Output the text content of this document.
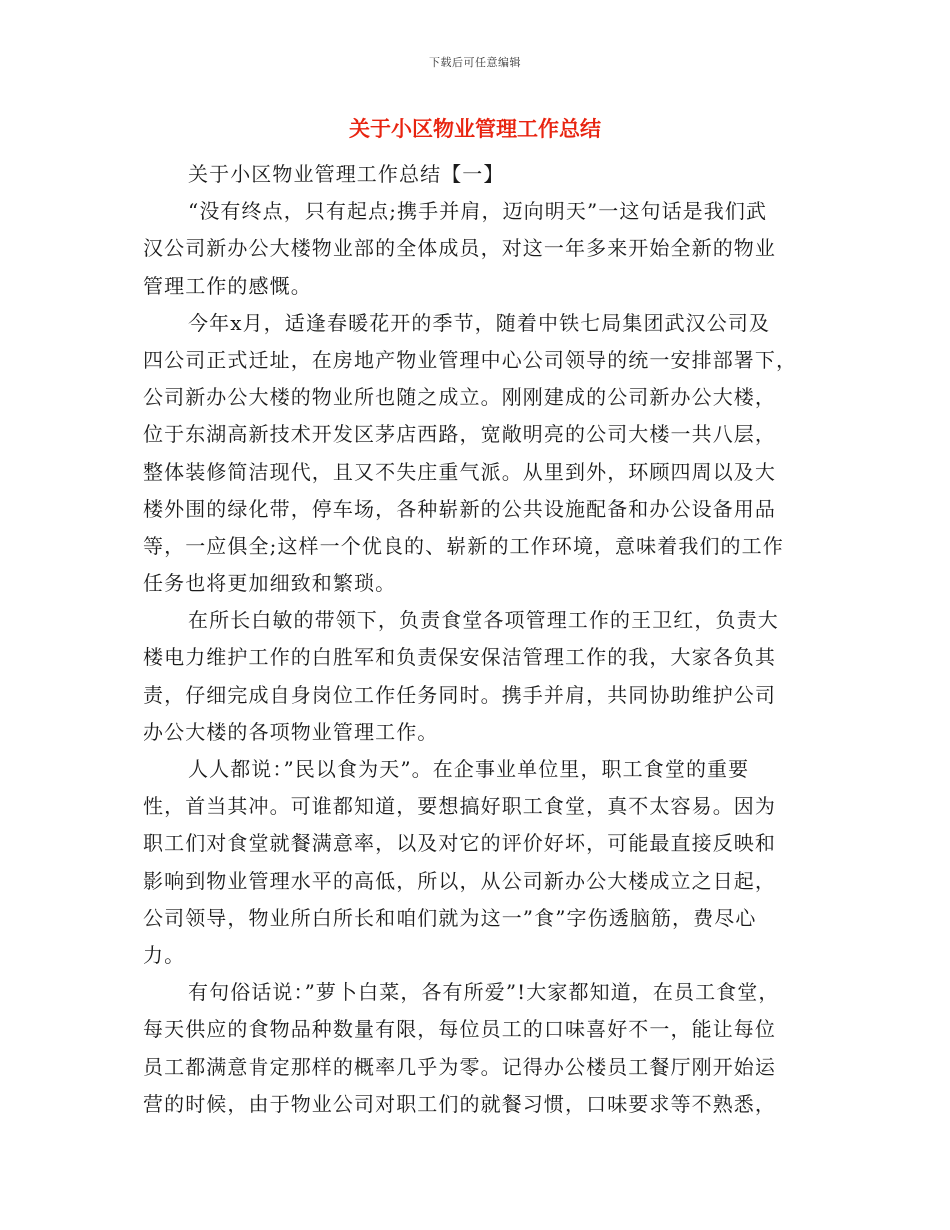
下载后可任意编辑
关于小区物业管理工作总结
关于小区物业管理工作总结【一】
“没有终点，只有起点;携手并肩，迈向明天”一这句话是我们武
汉公司新办公大楼物业部的全体成员，对这一年多来开始全新的物业
管理工作的感慨。
今年x月，适逢春暖花开的季节，随着中铁七局集团武汉公司及
四公司正式迁址，在房地产物业管理中心公司领导的统一安排部署下，
公司新办公大楼的物业所也随之成立。刚刚建成的公司新办公大楼，
位于东湖高新技术开发区茅店西路，宽敞明亮的公司大楼一共八层，
整体装修简洁现代，且又不失庄重气派。从里到外，环顾四周以及大
楼外围的绿化带，停车场，各种崭新的公共设施配备和办公设备用品
等，一应俱全;这样一个优良的、崭新的工作环境，意味着我们的工作
任务也将更加细致和繁琐。
在所长白敏的带领下，负责食堂各项管理工作的王卫红，负责大
楼电力维护工作的白胜军和负责保安保洁管理工作的我，大家各负其
责，仔细完成自身岗位工作任务同时。携手并肩，共同协助维护公司
办公大楼的各项物业管理工作。
人人都说：”民以食为天”。在企事业单位里，职工食堂的重要
性，首当其冲。可谁都知道，要想搞好职工食堂，真不太容易。因为
职工们对食堂就餐满意率，以及对它的评价好坏，可能最直接反映和
影响到物业管理水平的高低，所以，从公司新办公大楼成立之日起，
公司领导，物业所白所长和咱们就为这一”食”字伤透脑筋，费尽心
力。
有句俗话说：”萝卜白菜，各有所爱”!大家都知道，在员工食堂，
每天供应的食物品种数量有限，每位员工的口味喜好不一，能让每位
员工都满意肯定那样的概率几乎为零。记得办公楼员工餐厅刚开始运
营的时候，由于物业公司对职工们的就餐习惯，口味要求等不熟悉，
